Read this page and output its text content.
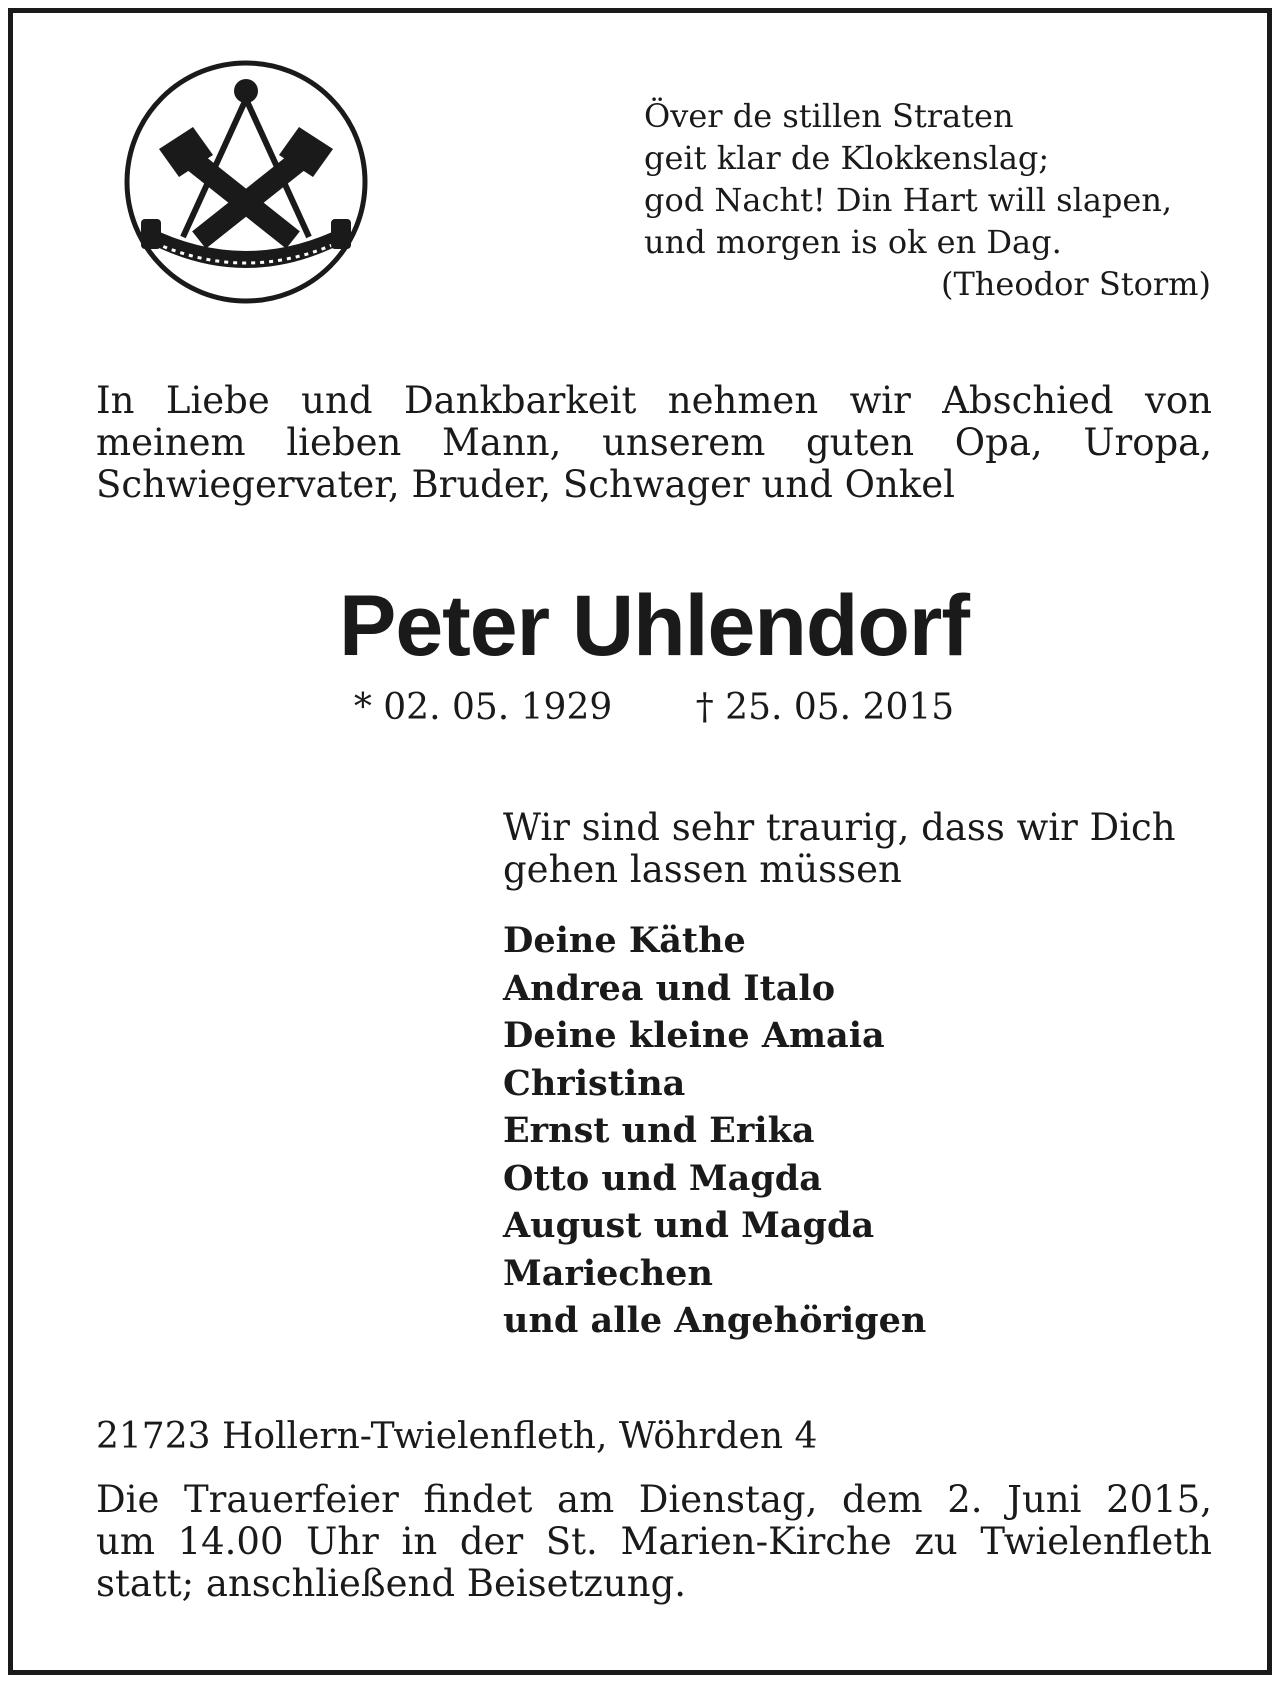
Över de stillen Straten
geit klar de Klokkenslag;
god Nacht! Din Hart will slapen,
und morgen is ok en Dag.
(Theodor Storm)
In Liebe und Dankbarkeit nehmen wir Abschied von
meinem lieben Mann, unserem guten Opa, Uropa,
Schwiegervater, Bruder, Schwager und Onkel
Peter Uhlendorf
* 02. 05. 1929 † 25. 05. 2015
Wir sind sehr traurig, dass wir Dich
gehen lassen müssen
Deine Käthe
Andrea und Italo
Deine kleine Amaia
Christina
Ernst und Erika
Otto und Magda
August und Magda
Mariechen
und alle Angehörigen
21723 Hollern-Twielenfleth, Wöhrden 4
Die Trauerfeier findet am Dienstag, dem 2. Juni 2015,
um 14.00 Uhr in der St. Marien-Kirche zu Twielenfleth
statt; anschließend Beisetzung.
